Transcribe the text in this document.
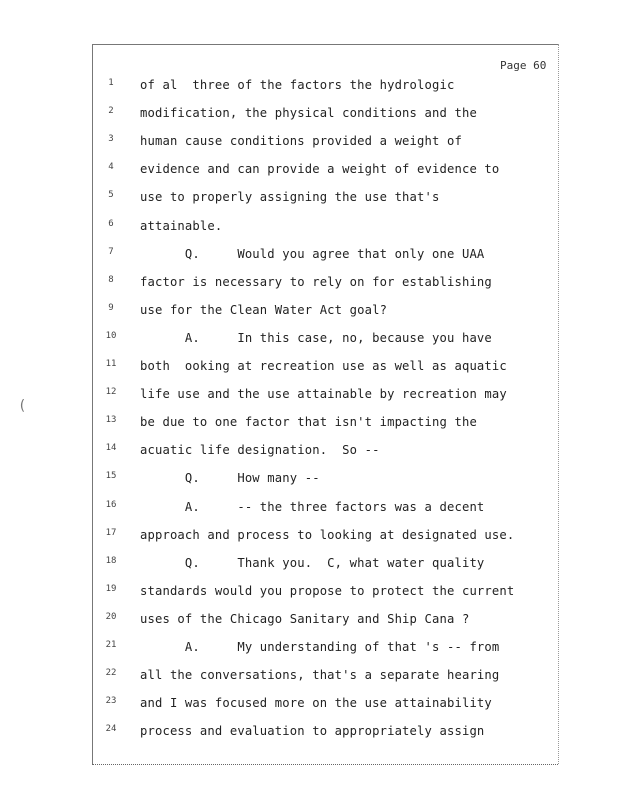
(
Page 60
1	of al  three of the factors the hydrologic
2	modification, the physical conditions and the
3	human cause conditions provided a weight of
4	evidence and can provide a weight of evidence to
5	use to properly assigning the use that's
6	attainable.
7	Q.     Would you agree that only one UAA
8	factor is necessary to rely on for establishing
9	use for the Clean Water Act goal?
10	A.     In this case, no, because you have
11	both  ooking at recreation use as well as aquatic
12	life use and the use attainable by recreation may
13	be due to one factor that isn't impacting the
14	acuatic life designation.  So --
15	Q.     How many --
16	A.     -- the three factors was a decent
17	approach and process to looking at designated use.
18	Q.     Thank you.  C, what water quality
19	standards would you propose to protect the current
20	uses of the Chicago Sanitary and Ship Cana ?
21	A.     My understanding of that 's -- from
22	all the conversations, that's a separate hearing
23	and I was focused more on the use attainability
24	process and evaluation to appropriately assign
